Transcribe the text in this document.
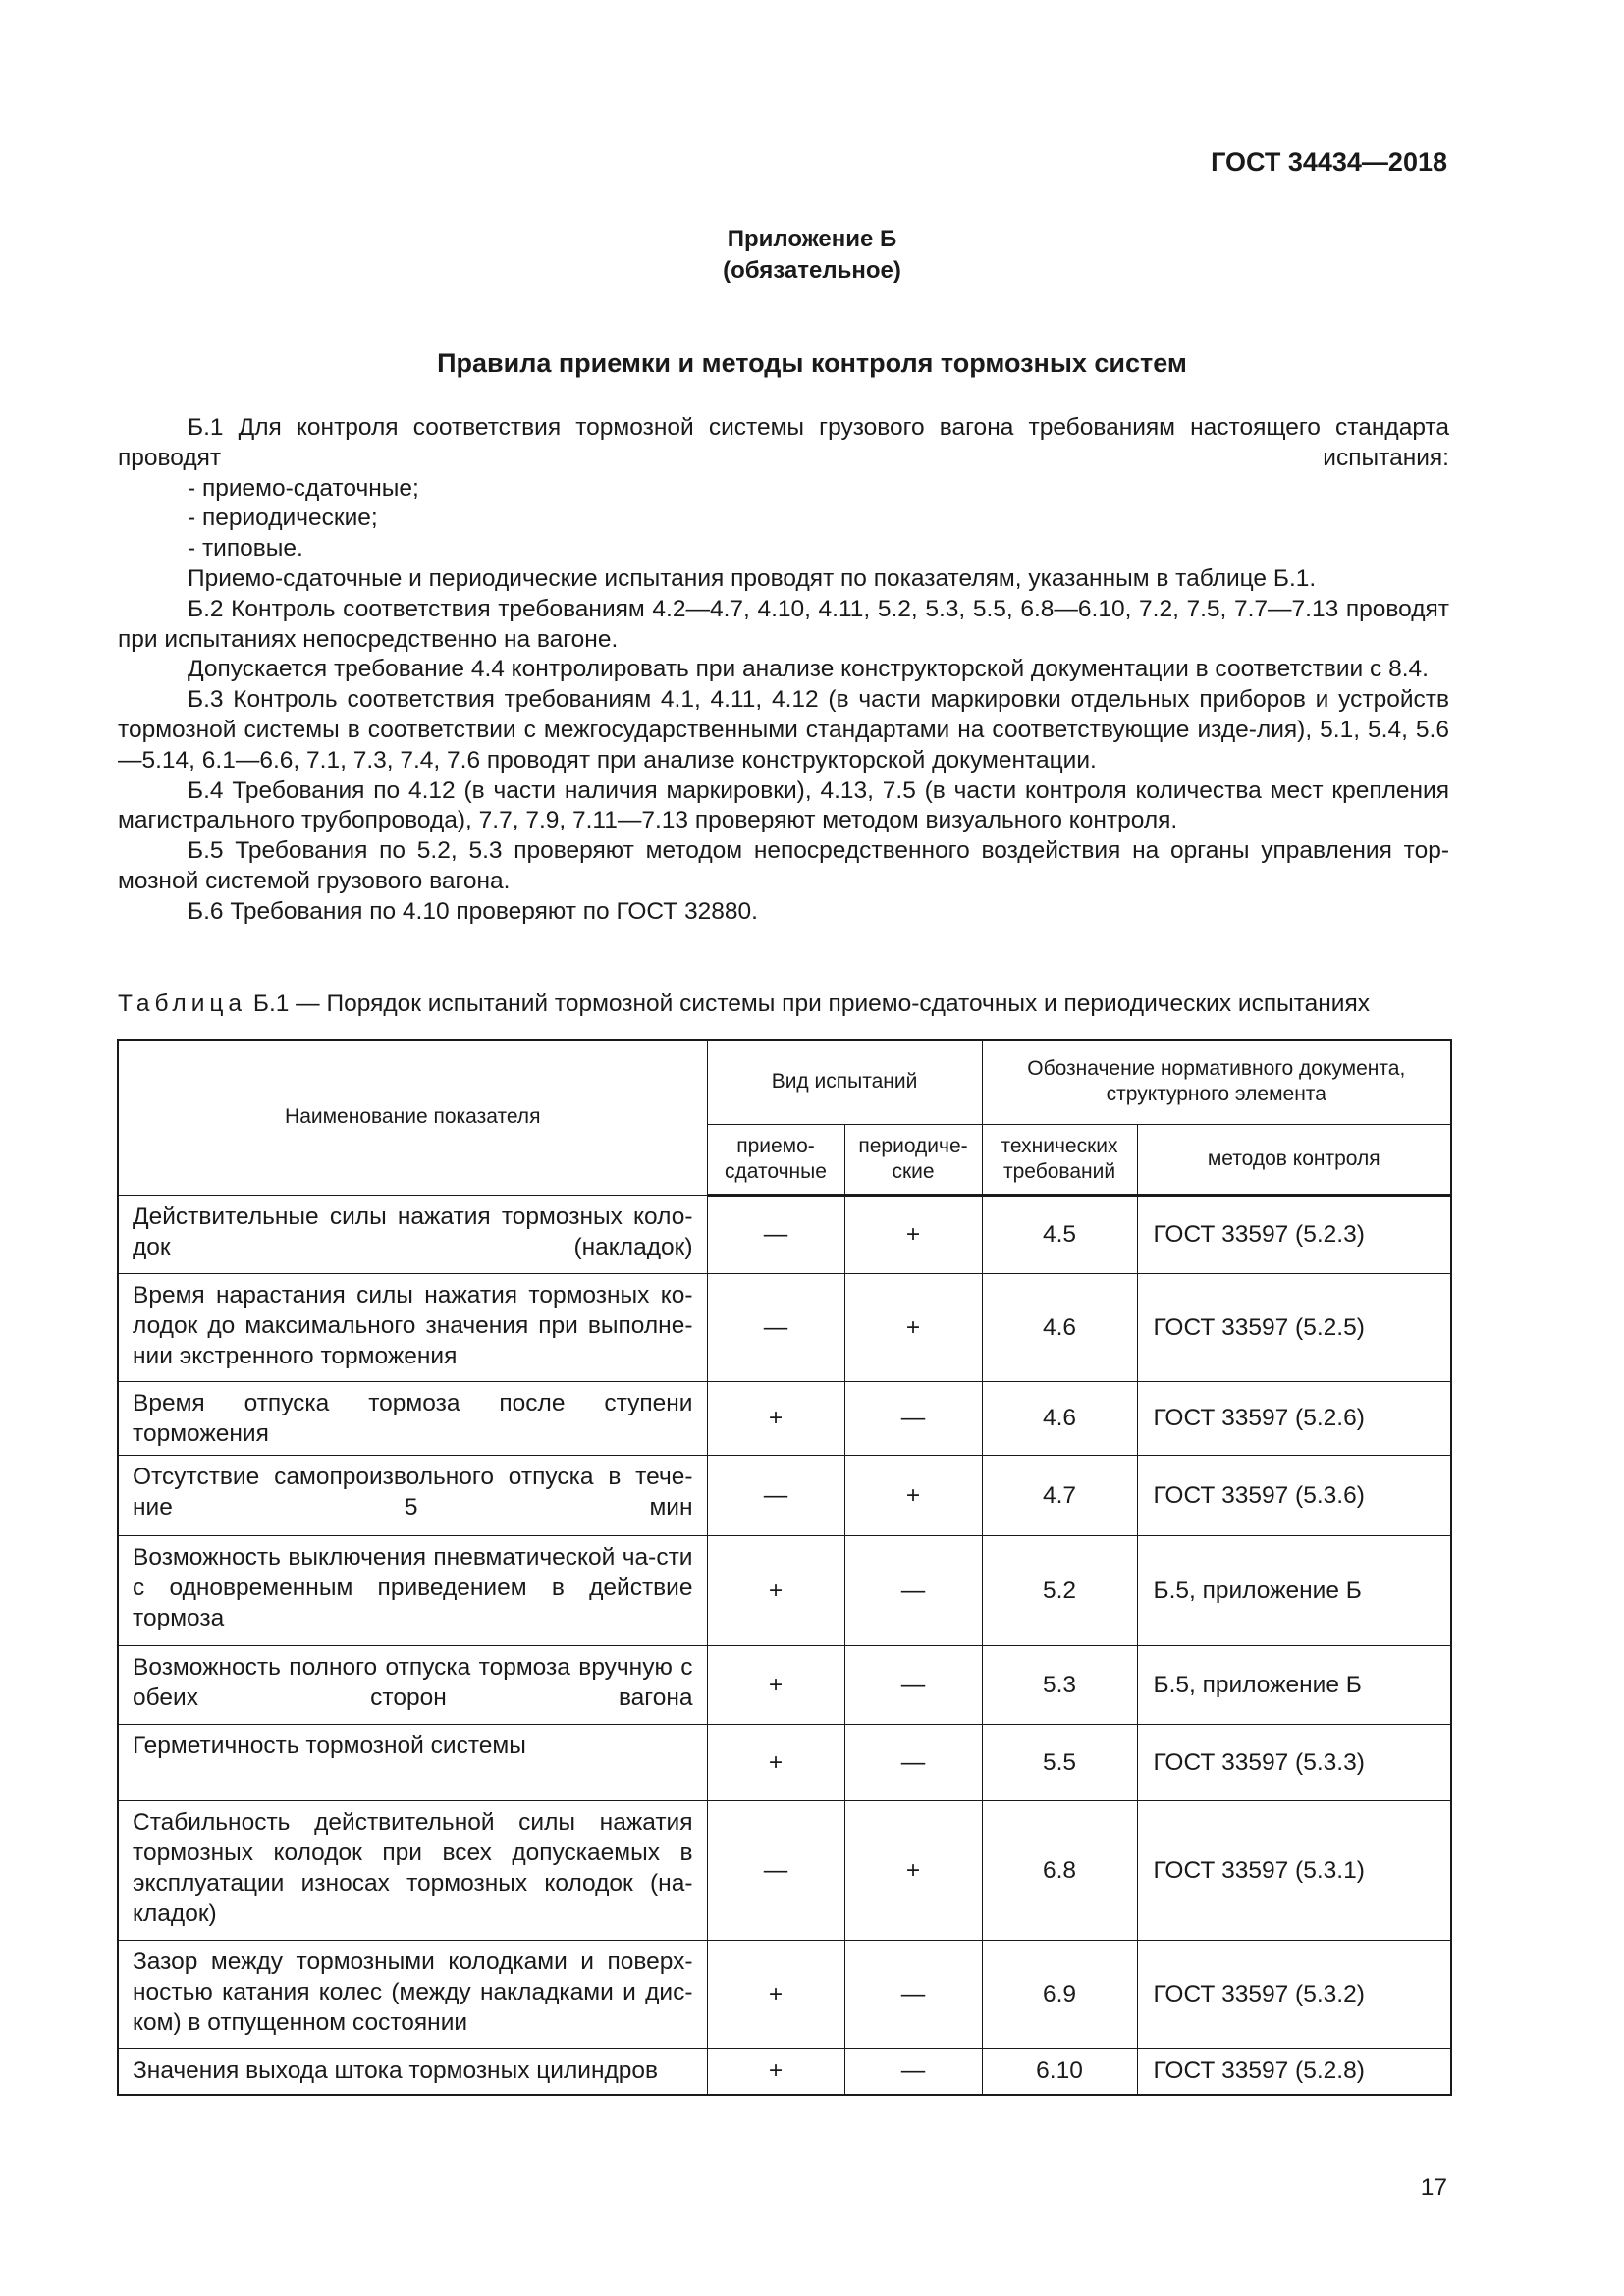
ГОСТ 34434—2018

Приложение Б

(обязательное)

Правила приемки и методы контроля тормозных систем

Б.1 Для контроля соответствия тормозной системы грузового вагона требованиям настоящего стандарта проводят испытания:

- приемо-сдаточные;

- периодические;

- типовые.

Приемо-сдаточные и периодические испытания проводят по показателям, указанным в таблице Б.1.

Б.2 Контроль соответствия требованиям 4.2—4.7, 4.10, 4.11, 5.2, 5.3, 5.5, 6.8—6.10, 7.2, 7.5, 7.7—7.13 проводят при испытаниях непосредственно на вагоне.

Допускается требование 4.4 контролировать при анализе конструкторской документации в соответствии с 8.4.

Б.3 Контроль соответствия требованиям 4.1, 4.11, 4.12 (в части маркировки отдельных приборов и устройств тормозной системы в соответствии с межгосударственными стандартами на соответствующие изде-лия), 5.1, 5.4, 5.6—5.14, 6.1—6.6, 7.1, 7.3, 7.4, 7.6 проводят при анализе конструкторской документации.

Б.4 Требования по 4.12 (в части наличия маркировки), 4.13, 7.5 (в части контроля количества мест крепления магистрального трубопровода), 7.7, 7.9, 7.11—7.13 проверяют методом визуального контроля.

Б.5 Требования по 5.2, 5.3 проверяют методом непосредственного воздействия на органы управления тор-мозной системой грузового вагона.

Б.6 Требования по 4.10 проверяют по ГОСТ 32880.

Таблица Б.1 — Порядок испытаний тормозной системы при приемо-сдаточных и периодических испытаниях

Наименование показателя	Вид испытаний		Обозначение нормативного документа, структурного элемента	
	приемо-сдаточные	периодиче-ские	технических требований	методов контроля
Действительные силы нажатия тормозных коло-док (накладок)	—	+	4.5	ГОСТ 33597 (5.2.3)
Время нарастания силы нажатия тормозных ко-лодок до максимального значения при выполне-нии экстренного торможения	—	+	4.6	ГОСТ 33597 (5.2.5)
Время отпуска тормоза после ступени торможения	+	—	4.6	ГОСТ 33597 (5.2.6)
Отсутствие самопроизвольного отпуска в тече-ние 5 мин	—	+	4.7	ГОСТ 33597 (5.3.6)
Возможность выключения пневматической ча-сти с одновременным приведением в действие тормоза	+	—	5.2	Б.5, приложение Б
Возможность полного отпуска тормоза вручную с обеих сторон вагона	+	—	5.3	Б.5, приложение Б
Герметичность тормозной системы	+	—	5.5	ГОСТ 33597 (5.3.3)
Стабильность действительной силы нажатия тормозных колодок при всех допускаемых в эксплуатации износах тормозных колодок (на-кладок)	—	+	6.8	ГОСТ 33597 (5.3.1)
Зазор между тормозными колодками и поверх-ностью катания колес (между накладками и дис-ком) в отпущенном состоянии	+	—	6.9	ГОСТ 33597 (5.3.2)
Значения выхода штока тормозных цилиндров	+	—	6.10	ГОСТ 33597 (5.2.8)

17
